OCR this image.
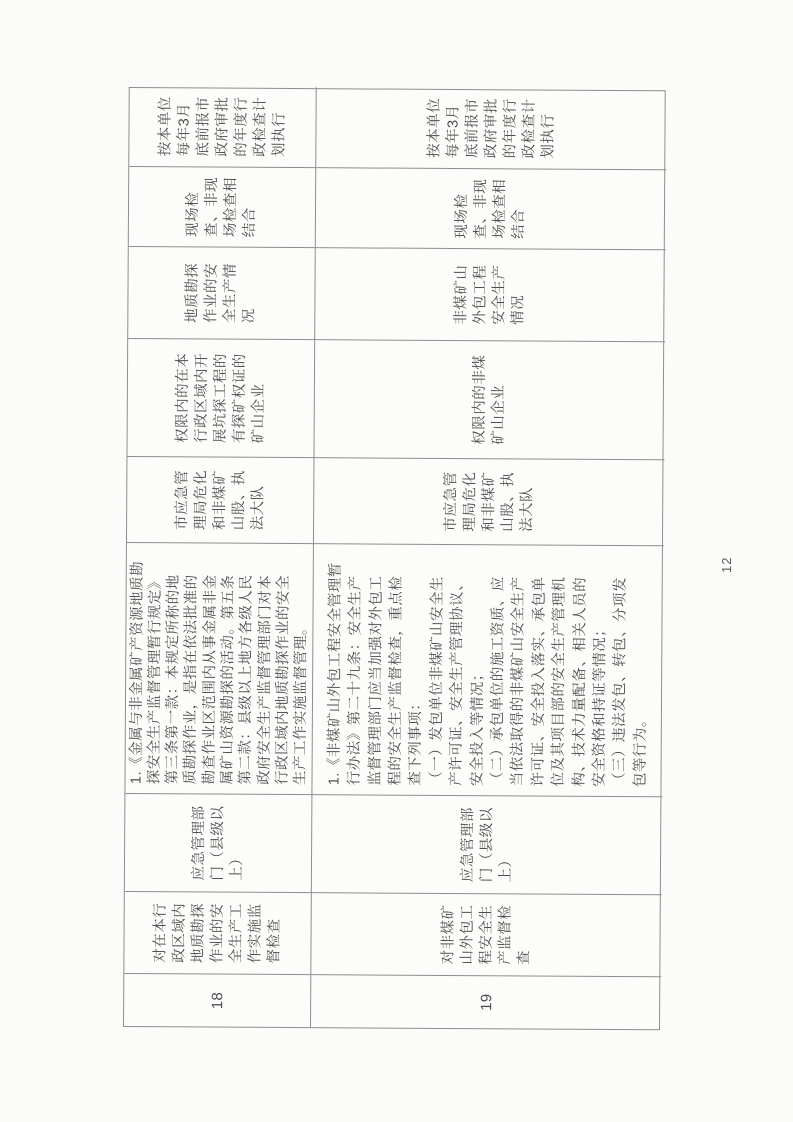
18
对在本行
政区域内
地质勘探
作业的安
全生产工
作实施监
督检查
应急管理部
门（县级以
上）
1.《金属与非金属矿产资源地质勘
探安全生产监督管理暂行规定》
第三条第一款：本规定所称的地
质勘探作业，是指在依法批准的
勘查作业区范围内从事金属非金
属矿山资源勘探的活动。第五条
第二款：县级以上地方各级人民
政府安全生产监督管理部门对本
行政区域内地质勘探作业的安全
生产工作实施监督管理。
市应急管
理局危化
和非煤矿
山股、执
法大队
权限内的在本
行政区域内开
展坑探工程的
有探矿权证的
矿山企业
地质勘探
作业的安
全生产情
况
现场检
查、非现
场检查相
结合
按本单位
每年3月
底前报市
政府审批
的年度行
政检查计
划执行
19
对非煤矿
山外包工
程安全生
产监督检
查
应急管理部
门（县级以
上）
1.《非煤矿山外包工程安全管理暂
行办法》第二十九条：安全生产
监督管理部门应当加强对外包工
程的安全生产监督检查，重点检
查下列事项：
（一）发包单位非煤矿山安全生
产许可证、安全生产管理协议、
安全投入等情况；
（二）承包单位的施工资质、应
当依法取得的非煤矿山安全生产
许可证、安全投入落实、承包单
位及其项目部的安全生产管理机
构、技术力量配备、相关人员的
安全资格和持证等情况；
（三）违法发包、转包、分项发
包等行为。
市应急管
理局危化
和非煤矿
山股、执
法大队
权限内的非煤
矿山企业
非煤矿山
外包工程
安全生产
情况
现场检
查、非现
场检查相
结合
按本单位
每年3月
底前报市
政府审批
的年度行
政检查计
划执行
12
